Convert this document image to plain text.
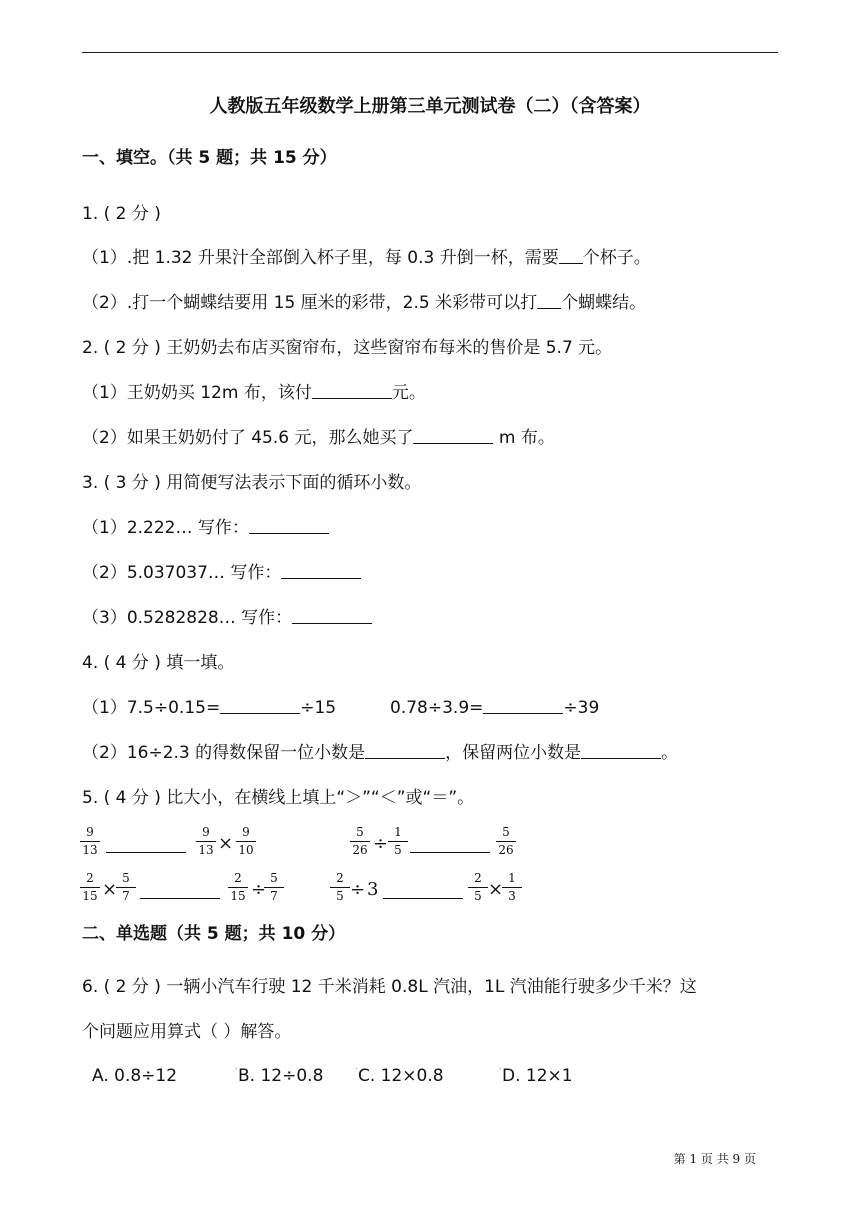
人教版五年级数学上册第三单元测试卷（二）（含答案）
一、填空。（共 5 题；共 15 分）
1. ( 2 分 )
（1）.把 1.32 升果汁全部倒入杯子里，每 0.3 升倒一杯，需要 个杯子。
（2）.打一个蝴蝶结要用 15 厘米的彩带，2.5 米彩带可以打 个蝴蝶结。
2. ( 2 分 ) 王奶奶去布店买窗帘布，这些窗帘布每米的售价是 5.7 元。
（1）王奶奶买 12m 布，该付	元。
（2）如果王奶奶付了 45.6 元，那么她买了	m 布。
3. ( 3 分 ) 用简便写法表示下面的循环小数。
（1）2.222… 写作：
（2）5.037037… 写作：
（3）0.5282828… 写作：
4. ( 4 分 ) 填一填。
（1）7.5÷0.15=	÷15	0.78÷3.9=	÷39
（2）16÷2.3 的得数保留一位小数是	，保留两位小数是	。
5. ( 4 分 ) 比大小，在横线上填上“＞”“＜”或“＝”。
9
13
9
13 ×
9
10
5
26 ÷
1
5
5
26
2
15 ×
5
7
2
15 ÷
5
7
2
5 ÷ 3
2
5 ×
1
3
二、单选题（共 5 题；共 10 分）
6. ( 2 分 ) 一辆小汽车行驶 12 千米消耗 0.8L 汽油，1L 汽油能行驶多少千米？这
个问题应用算式（ ）解答。
A. 0.8÷12	˙ B. 12÷0.8	˙ C. 12×0.8	˙ D. 12×1
第 1 页 共 9 页
